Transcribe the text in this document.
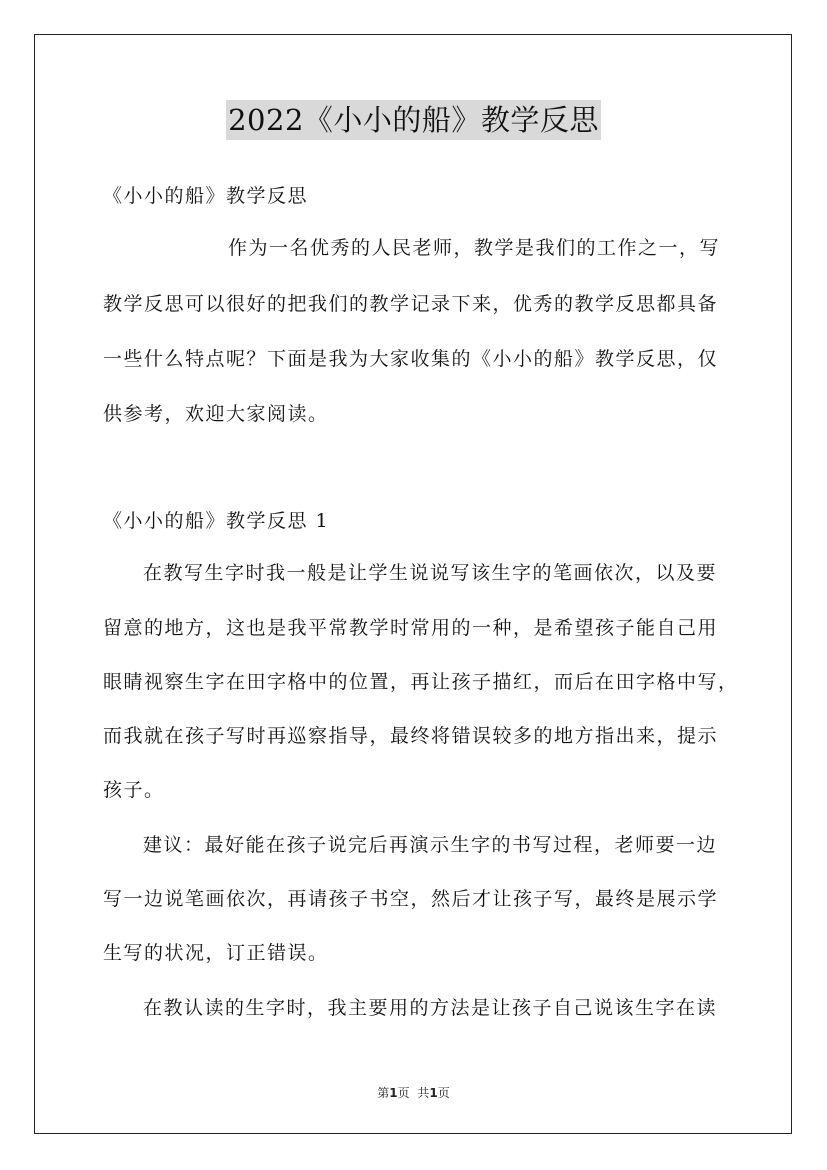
2022《小小的船》教学反思
《小小的船》教学反思
作为一名优秀的人民老师，教学是我们的工作之一，写
教学反思可以很好的把我们的教学记录下来，优秀的教学反思都具备
一些什么特点呢？下面是我为大家收集的《小小的船》教学反思，仅
供参考，欢迎大家阅读。
《小小的船》教学反思 1
在教写生字时我一般是让学生说说写该生字的笔画依次，以及要
留意的地方，这也是我平常教学时常用的一种，是希望孩子能自己用
眼睛视察生字在田字格中的位置，再让孩子描红，而后在田字格中写，
而我就在孩子写时再巡察指导，最终将错误较多的地方指出来，提示
孩子。
建议：最好能在孩子说完后再演示生字的书写过程，老师要一边
写一边说笔画依次，再请孩子书空，然后才让孩子写，最终是展示学
生写的状况，订正错误。
在教认读的生字时，我主要用的方法是让孩子自己说该生字在读
第1页 共1页
